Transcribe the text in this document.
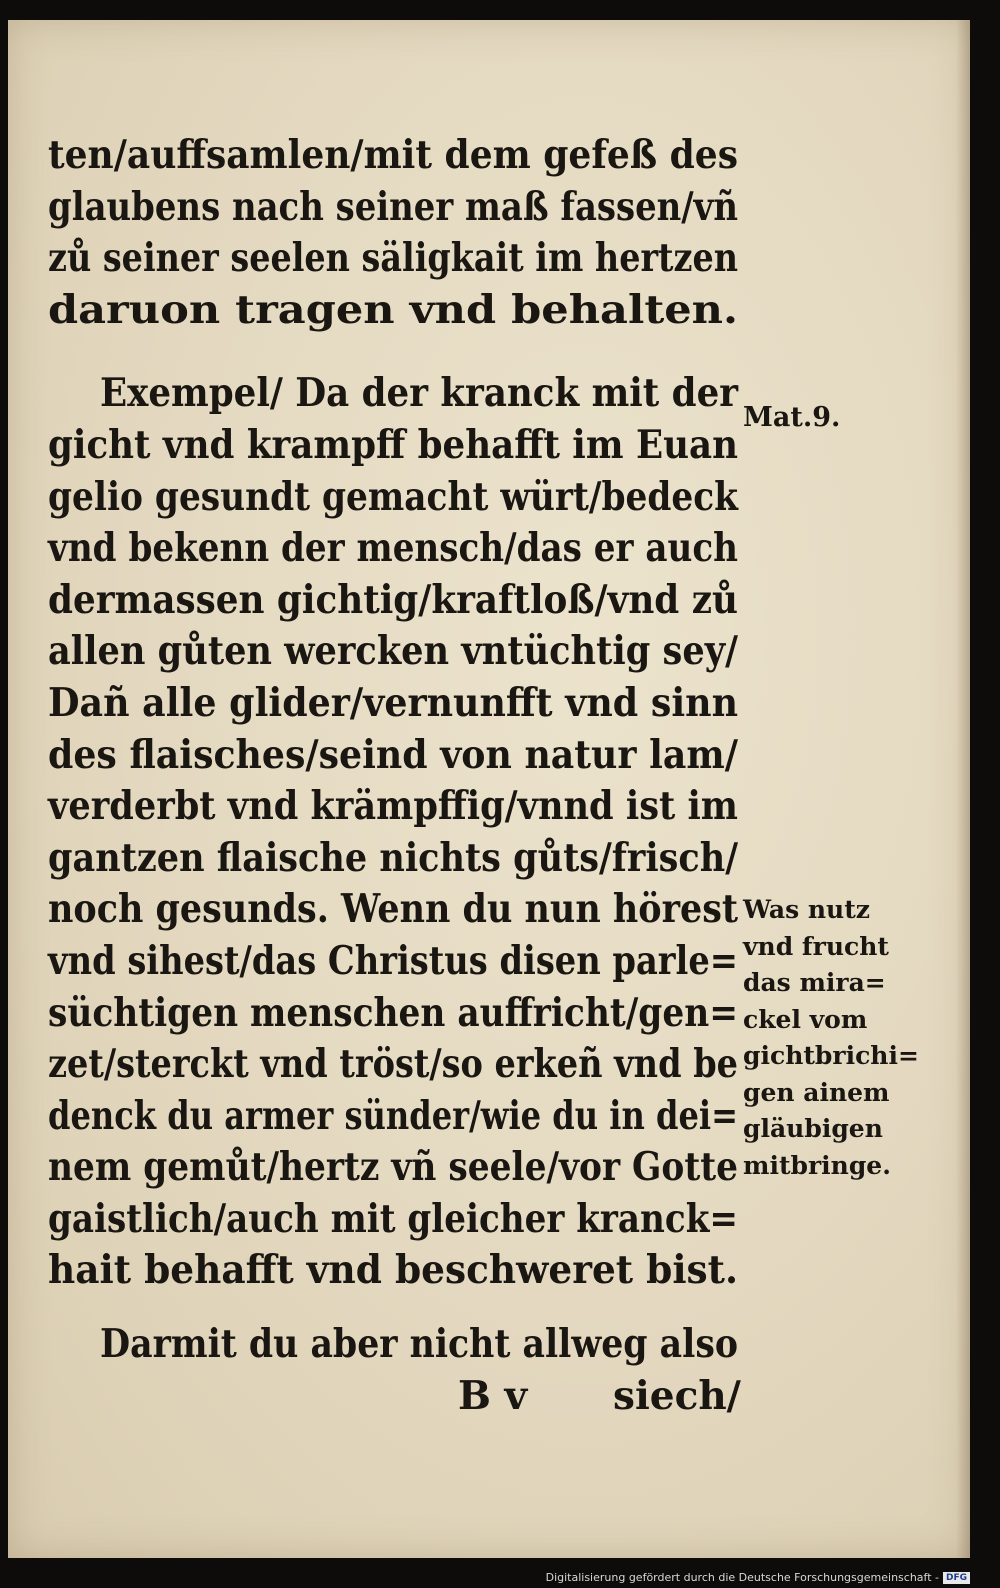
ten/auffsamlen/mit dem gefeß des
glaubens nach seiner maß fassen/vñ
zů seiner seelen säligkait im hertzen
daruon tragen vnd behalten.
Exempel/ Da der kranck mit der
gicht vnd krampff behafft im Euan
gelio gesundt gemacht würt/bedeck
vnd bekenn der mensch/das er auch
dermassen gichtig/kraftloß/vnd zů
allen gůten wercken vntüchtig sey/
Dañ alle glider/vernunfft vnd sinn
des flaisches/seind von natur lam/
verderbt vnd krämpffig/vnnd ist im
gantzen flaische nichts gůts/frisch/
noch gesunds. Wenn du nun hörest
vnd sihest/das Christus disen parle=
süchtigen menschen auffricht/gen=
zet/sterckt vnd tröst/so erkeñ vnd be
denck du armer sünder/wie du in dei=
nem gemůt/hertz vñ seele/vor Gotte
gaistlich/auch mit gleicher kranck=
hait behafft vnd beschweret bist.
Darmit du aber nicht allweg also
B v siech/
Mat.9.
Was nutz
vnd frucht
das mira=
ckel vom
gichtbrichi=
gen ainem
gläubigen
mitbringe.
Digitalisierung gefördert durch die Deutsche Forschungsgemeinschaft - DFG
